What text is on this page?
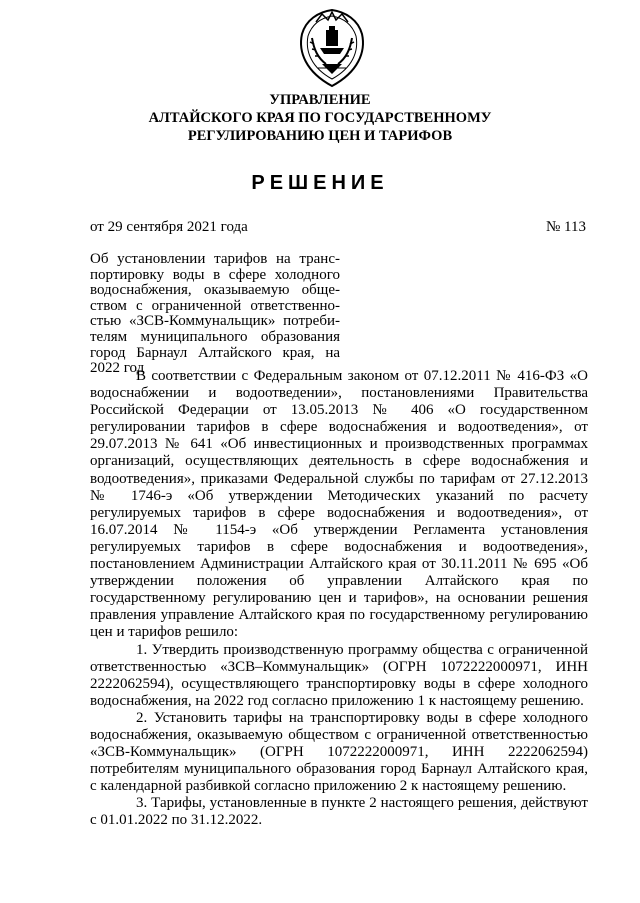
УПРАВЛЕНИЕ
АЛТАЙСКОГО КРАЯ ПО ГОСУДАРСТВЕННОМУ
РЕГУЛИРОВАНИЮ ЦЕН И ТАРИФОВ
РЕШЕНИЕ
от 29 сентября 2021 года	№ 113
Об установлении тарифов на транс-
портировку воды в сфере холодного
водоснабжения, оказываемую обще-
ством с ограниченной ответственно-
стью «ЗСВ-Коммунальщик» потреби-
телям муниципального образования
город Барнаул Алтайского края, на
2022 год
В соответствии с Федеральным законом от 07.12.2011 № 416-ФЗ «О
водоснабжении и водоотведении», постановлениями Правительства
Российской Федерации от 13.05.2013 № 406 «О государственном
регулировании тарифов в сфере водоснабжения и водоотведения», от
29.07.2013 № 641 «Об инвестиционных и производственных программах
организаций, осуществляющих деятельность в сфере водоснабжения и
водоотведения», приказами Федеральной службы по тарифам от 27.12.2013
№ 1746-э «Об утверждении Методических указаний по расчету
регулируемых тарифов в сфере водоснабжения и водоотведения», от
16.07.2014 № 1154-э «Об утверждении Регламента установления
регулируемых тарифов в сфере водоснабжения и водоотведения»,
постановлением Администрации Алтайского края от 30.11.2011 № 695 «Об
утверждении положения об управлении Алтайского края по
государственному регулированию цен и тарифов», на основании решения
правления управление Алтайского края по государственному регулированию
цен и тарифов решило:
1. Утвердить производственную программу общества с ограниченной
ответственностью «ЗСВ–Коммунальщик» (ОГРН 1072222000971, ИНН
2222062594), осуществляющего транспортировку воды в сфере холодного
водоснабжения, на 2022 год согласно приложению 1 к настоящему решению.
2. Установить тарифы на транспортировку воды в сфере холодного
водоснабжения, оказываемую обществом с ограниченной ответственностью
«ЗСВ-Коммунальщик» (ОГРН 1072222000971, ИНН 2222062594)
потребителям муниципального образования город Барнаул Алтайского края,
с календарной разбивкой согласно приложению 2 к настоящему решению.
3. Тарифы, установленные в пункте 2 настоящего решения, действуют
с 01.01.2022 по 31.12.2022.
